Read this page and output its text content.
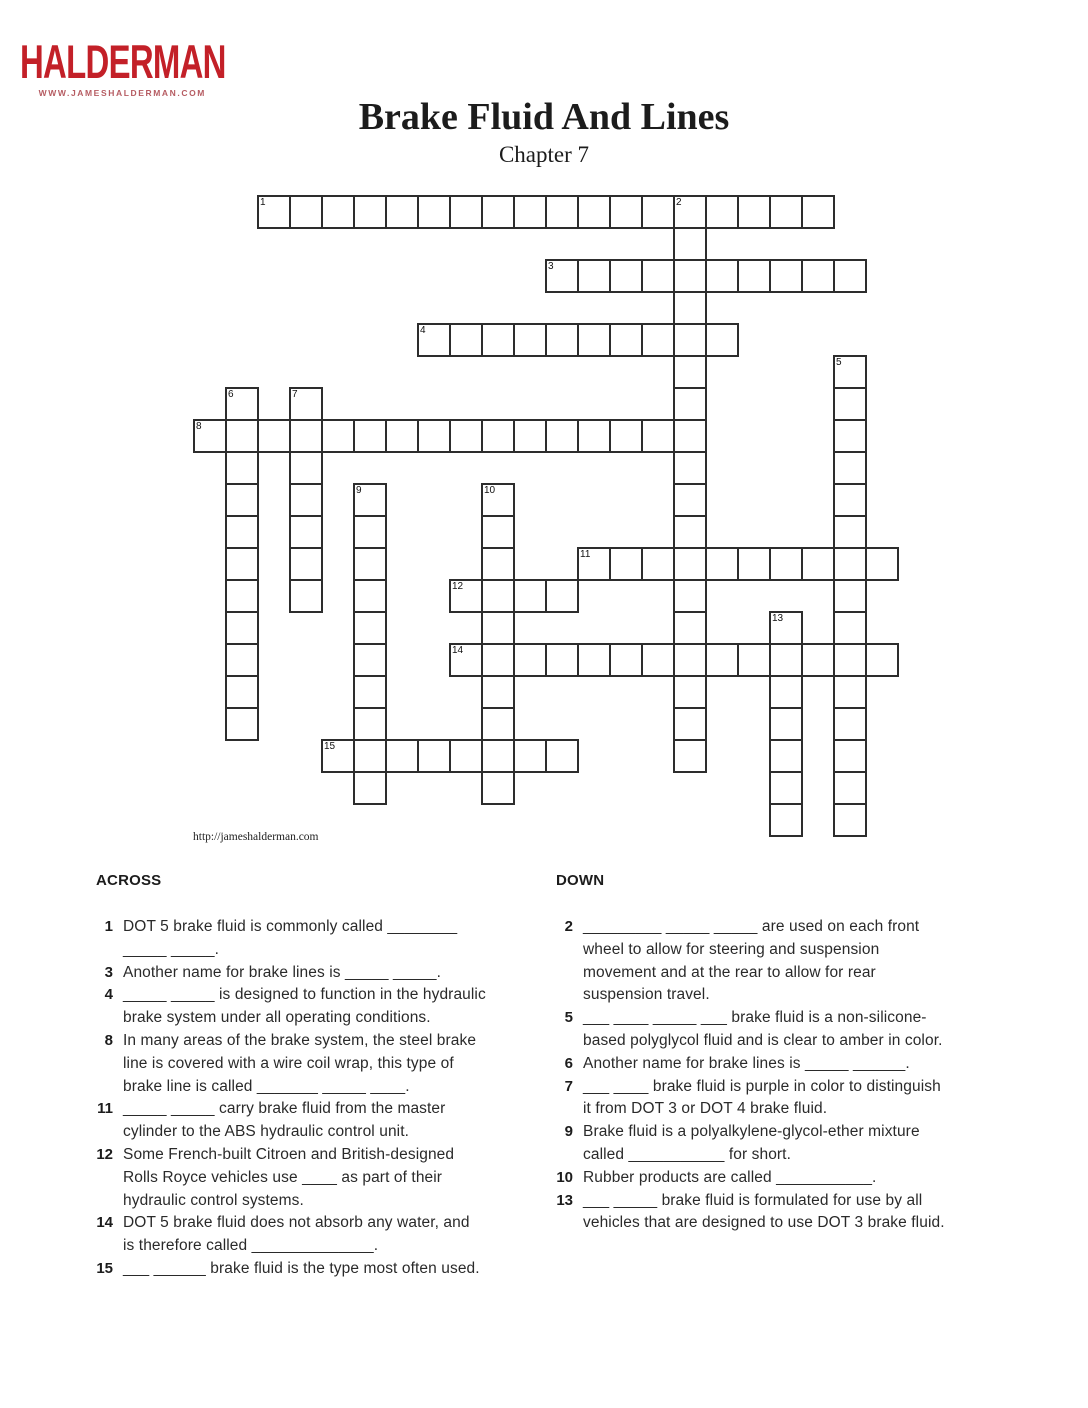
HALDERMAN
WWW.JAMESHALDERMAN.COM
Brake Fluid And Lines
Chapter 7
1	2
3
4
5
6	7
8
9	10
11
12
13
14
15
http://jameshalderman.com
ACROSS
1 DOT 5 brake fluid is commonly called ________
_____ _____.
3 Another name for brake lines is _____ _____.
4 _____ _____ is designed to function in the hydraulic
brake system under all operating conditions.
8 In many areas of the brake system, the steel brake
line is covered with a wire coil wrap, this type of
brake line is called _______ _____ ____.
11 _____ _____ carry brake fluid from the master
cylinder to the ABS hydraulic control unit.
12 Some French-built Citroen and British-designed
Rolls Royce vehicles use ____ as part of their
hydraulic control systems.
14 DOT 5 brake fluid does not absorb any water, and
is therefore called ______________.
15 ___ ______ brake fluid is the type most often used.
DOWN
2 _________ _____ _____ are used on each front
wheel to allow for steering and suspension
movement and at the rear to allow for rear
suspension travel.
5 ___ ____ _____ ___ brake fluid is a non-silicone-
based polyglycol fluid and is clear to amber in color.
6 Another name for brake lines is _____ ______.
7 ___ ____ brake fluid is purple in color to distinguish
it from DOT 3 or DOT 4 brake fluid.
9 Brake fluid is a polyalkylene-glycol-ether mixture
called ___________ for short.
10 Rubber products are called ___________.
13 ___ _____ brake fluid is formulated for use by all
vehicles that are designed to use DOT 3 brake fluid.
